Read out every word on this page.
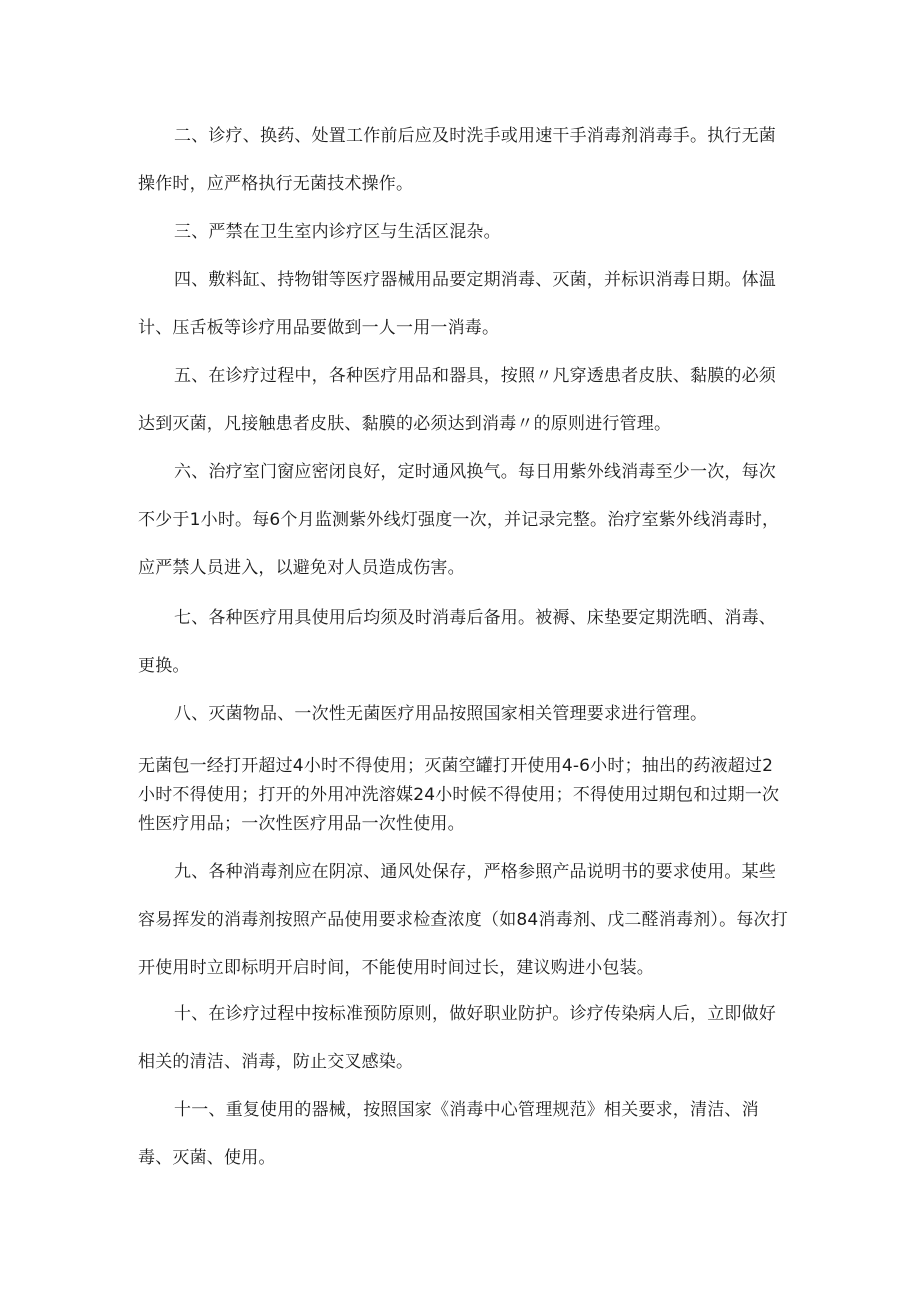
二、诊疗、换药、处置工作前后应及时洗手或用速干手消毒剂消毒手。执行无菌操作时，应严格执行无菌技术操作。

三、严禁在卫生室内诊疗区与生活区混杂。

四、敷料缸、持物钳等医疗器械用品要定期消毒、灭菌，并标识消毒日期。体温计、压舌板等诊疗用品要做到一人一用一消毒。

五、在诊疗过程中，各种医疗用品和器具，按照〃凡穿透患者皮肤、黏膜的必须达到灭菌，凡接触患者皮肤、黏膜的必须达到消毒〃的原则进行管理。

六、治疗室门窗应密闭良好，定时通风换气。每日用紫外线消毒至少一次，每次不少于1小时。每6个月监测紫外线灯强度一次，并记录完整。治疗室紫外线消毒时，应严禁人员进入，以避免对人员造成伤害。

七、各种医疗用具使用后均须及时消毒后备用。被褥、床垫要定期洗晒、消毒、更换。

八、灭菌物品、一次性无菌医疗用品按照国家相关管理要求进行管理。

无菌包一经打开超过4小时不得使用；灭菌空罐打开使用4-6小时；抽出的药液超过2小时不得使用；打开的外用冲洗溶媒24小时候不得使用；不得使用过期包和过期一次性医疗用品；一次性医疗用品一次性使用。

九、各种消毒剂应在阴凉、通风处保存，严格参照产品说明书的要求使用。某些容易挥发的消毒剂按照产品使用要求检查浓度（如84消毒剂、戊二醛消毒剂）。每次打开使用时立即标明开启时间，不能使用时间过长，建议购进小包装。

十、在诊疗过程中按标准预防原则，做好职业防护。诊疗传染病人后，立即做好相关的清洁、消毒，防止交叉感染。

十一、重复使用的器械，按照国家《消毒中心管理规范》相关要求，清洁、消毒、灭菌、使用。
